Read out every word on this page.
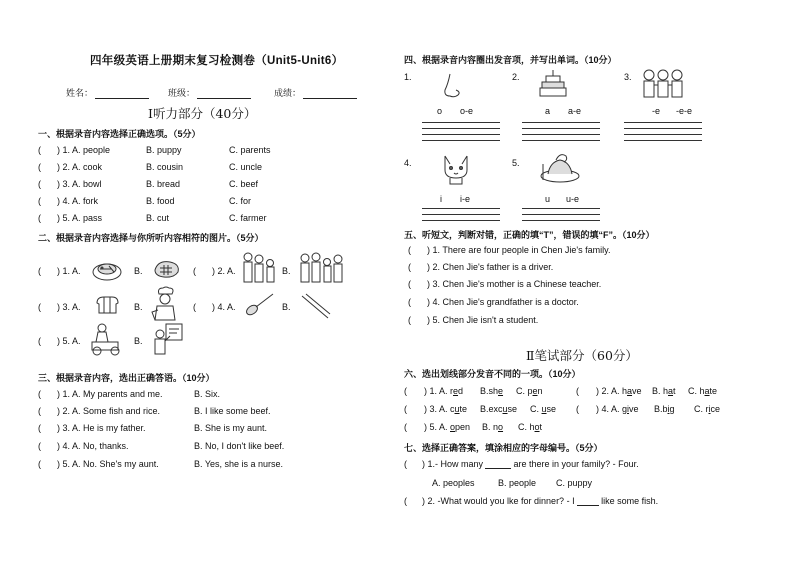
四年级英语上册期末复习检测卷（Unit5-Unit6）
姓名：	班级：	成绩：
Ⅰ听力部分（40分）
一、根据录音内容选择正确选项。（5分）
( ) 1. A. people	B. puppy	C. parents
( ) 2. A. cook	B. cousin	C. uncle
( ) 3. A. bowl	B. bread	C. beef
( ) 4. A. fork	B. food	C. for
( ) 5. A. pass	B. cut	C. farmer
二、根据录音内容选择与你所听内容相符的图片。（5分）
( ) 1. A.	B.	( ) 2. A.	B.
( ) 3. A.	B.	( ) 4. A.	B.
( ) 5. A.	B.
三、根据录音内容，选出正确答语。（10分）
( ) 1. A. My parents and me.	B. Six.
( ) 2. A. Some fish and rice.	B. I like some beef.
( ) 3. A. He is my father.	B. She is my aunt.
( ) 4. A. No, thanks.	B. No, I don't like beef.
( ) 5. A. No. She's my aunt.	B. Yes, she is a nurse.
四、根据录音内容圈出发音项，并写出单词。（10分）
1.
o o-e
2.
a a-e
3.
-e -e-e
4.
i i-e
5.
u u-e
五、听短文，判断对错，正确的填“T”，错误的填“F”。（10分）
( ) 1. There are four people in Chen Jie's family.
( ) 2. Chen Jie's father is a driver.
( ) 3. Chen Jie's mother is a Chinese teacher.
( ) 4. Chen Jie's grandfather is a doctor.
( ) 5. Chen Jie isn't a student.
Ⅱ笔试部分（60分）
六、选出划线部分发音不同的一项。（10分）
( ) 1. A. red B.she C. pen	( ) 2. A. have B. hat C. hate
( ) 3. A. cute B.excuse C. use ( ) 4. A. give B.big C. rice
( ) 5. A. open B. no C. hot
七、选择正确答案，填涂相应的字母编号。（5分）
( ) 1.- How many	are there in your family? - Four.
A. peoples	B. people C. puppy
( ) 2. -What would you lke for dinner? - I	like some fish.
